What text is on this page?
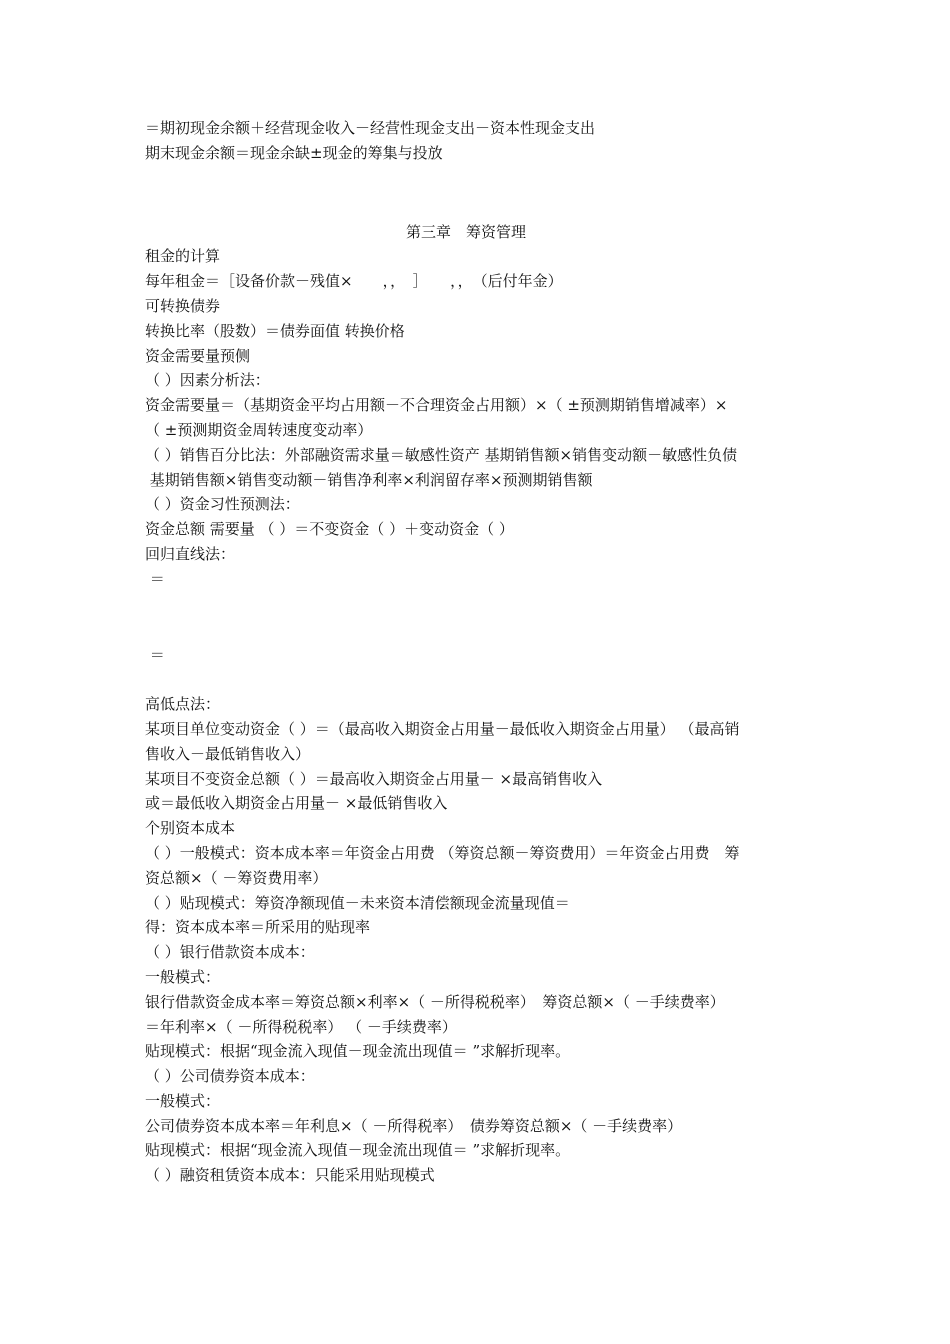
＝期初现金余额＋经营现金收入－经营性现金支出－资本性现金支出
期末现金余额＝现金余缺±现金的筹集与投放
第三章　筹资管理
租金的计算
每年租金＝［设备价款－残值×　　，，　］　　，，　（后付年金）
可转换债券
转换比率（股数）＝债券面值 转换价格
资金需要量预侧
（ ）因素分析法：
资金需要量＝（基期资金平均占用额－不合理资金占用额）×（ ±预测期销售增减率）×
（ ±预测期资金周转速度变动率）
（ ）销售百分比法：外部融资需求量＝敏感性资产 基期销售额×销售变动额－敏感性负债
基期销售额×销售变动额－销售净利率×利润留存率×预测期销售额
（ ）资金习性预测法：
资金总额 需要量 （ ）＝不变资金（ ）＋变动资金（ ）
回归直线法：
＝
＝
高低点法：
某项目单位变动资金（ ）＝（最高收入期资金占用量－最低收入期资金占用量） （最高销
售收入－最低销售收入）
某项目不变资金总额（ ）＝最高收入期资金占用量－ ×最高销售收入
或＝最低收入期资金占用量－ ×最低销售收入
个别资本成本
（ ）一般模式：资本成本率＝年资金占用费 （筹资总额－筹资费用）＝年资金占用费　筹
资总额×（ －筹资费用率）
（ ）贴现模式：筹资净额现值－未来资本清偿额现金流量现值＝
得：资本成本率＝所采用的贴现率
（ ）银行借款资本成本：
一般模式：
银行借款资金成本率＝筹资总额×利率×（ －所得税税率）　筹资总额×（ －手续费率）
＝年利率×（ －所得税税率） （ －手续费率）
贴现模式：根据“现金流入现值－现金流出现值＝ ”求解折现率。
（ ）公司债券资本成本：
一般模式：
公司债券资本成本率＝年利息×（ －所得税率）　债券筹资总额×（ －手续费率）
贴现模式：根据“现金流入现值－现金流出现值＝ ”求解折现率。
（ ）融资租赁资本成本：只能采用贴现模式
